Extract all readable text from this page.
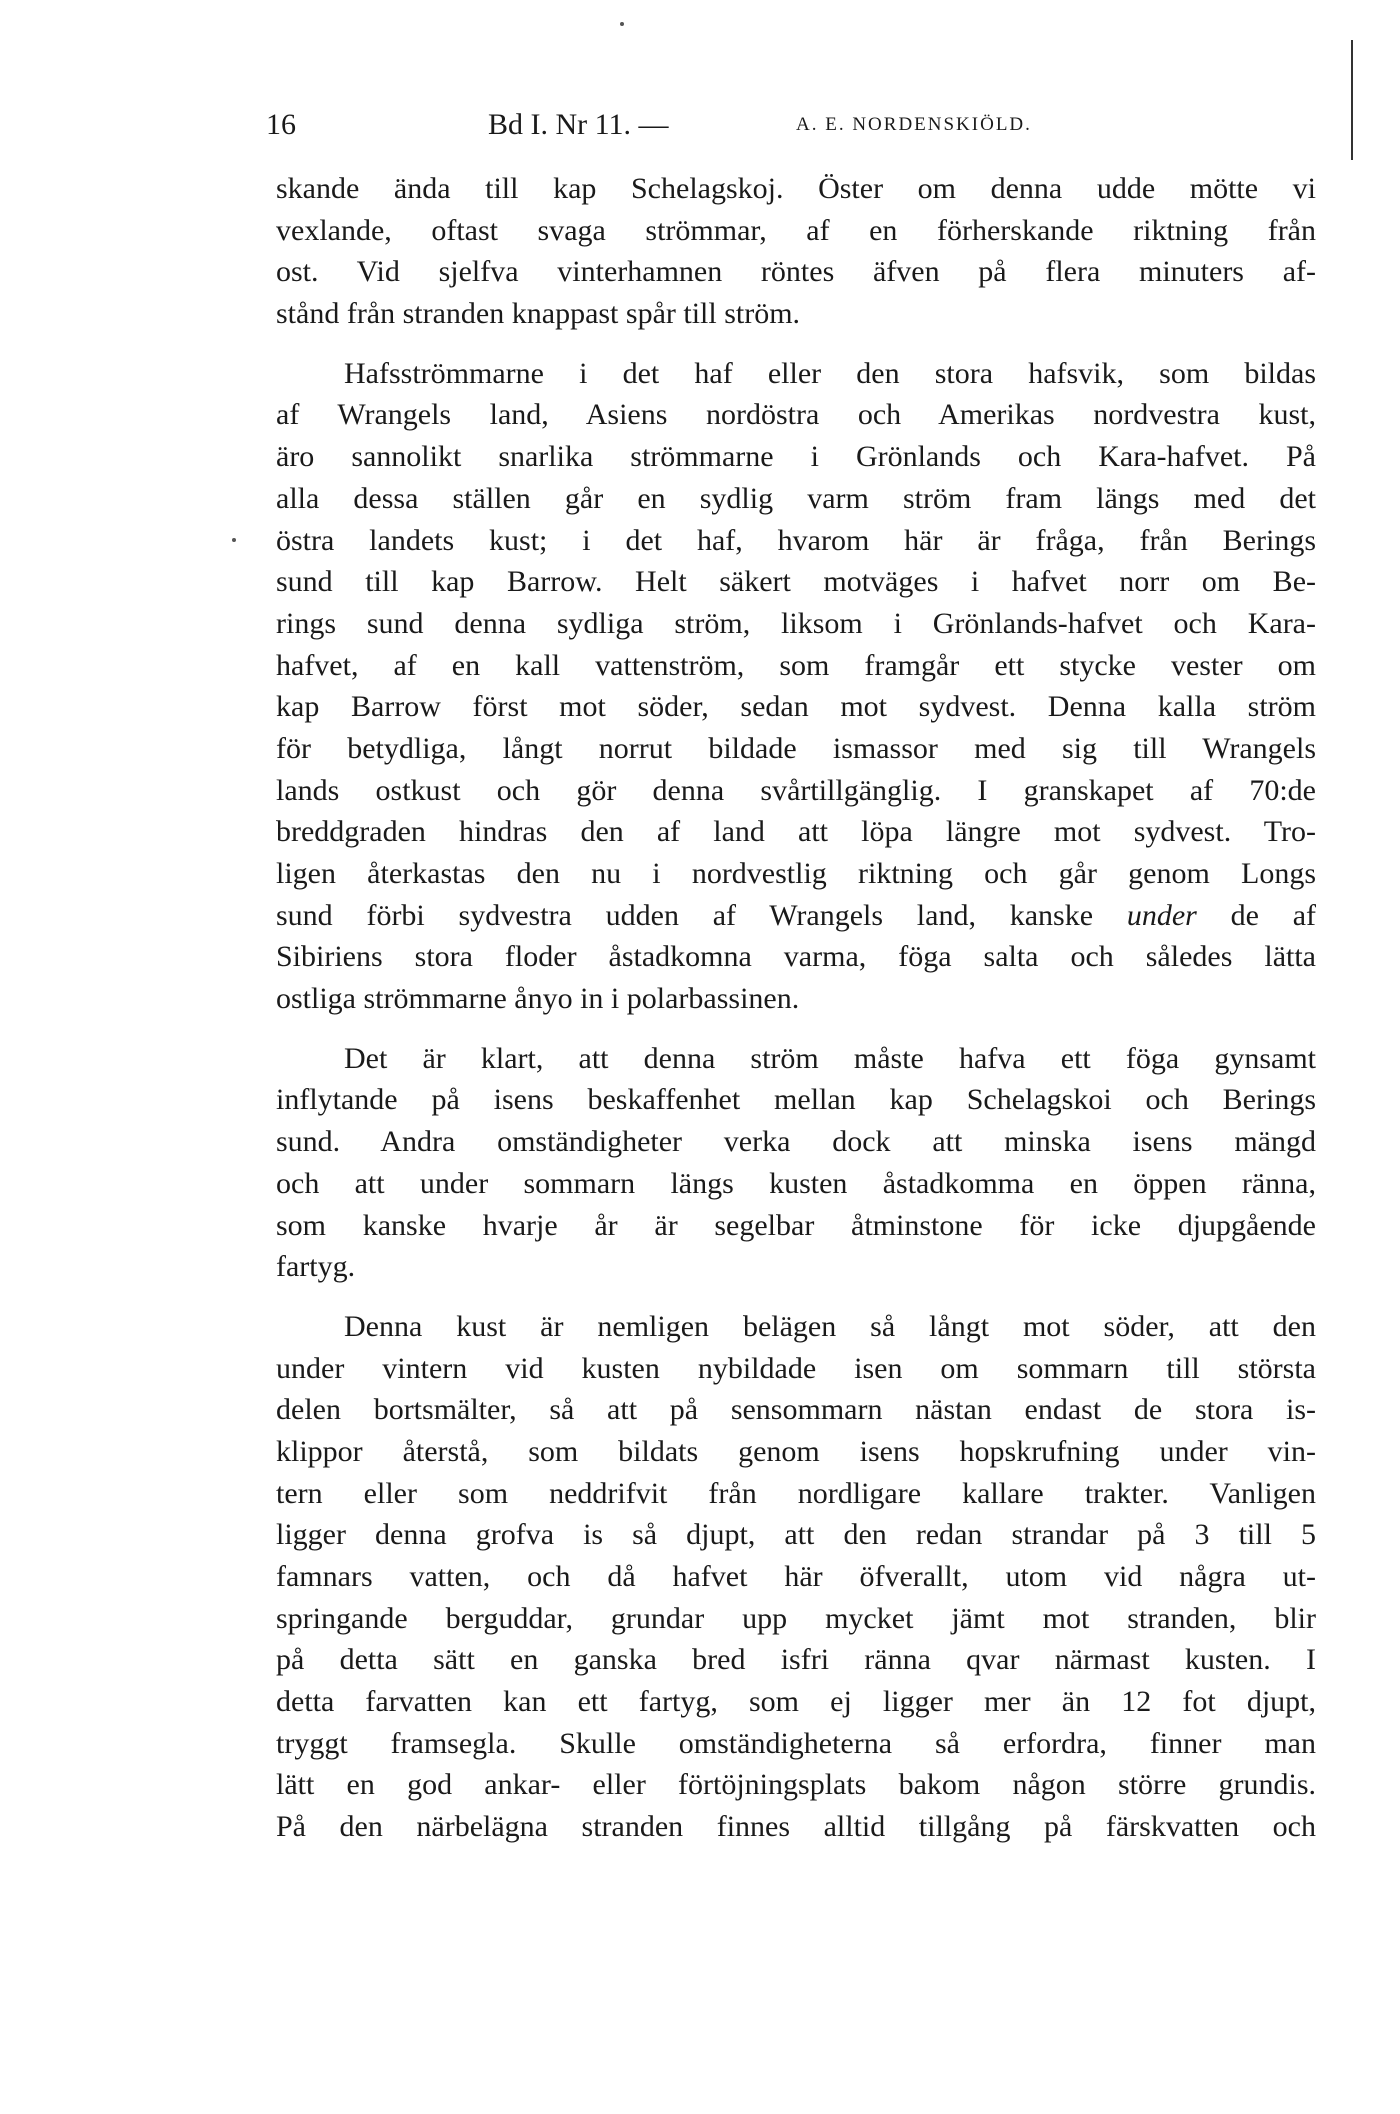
16	Bd I. Nr 11. —	A. E. NORDENSKIÖLD.
skande ända till kap Schelagskoj. Öster om denna udde mötte vi
vexlande, oftast svaga strömmar, af en förherskande riktning från
ost. Vid sjelfva vinterhamnen röntes äfven på flera minuters af-
stånd från stranden knappast spår till ström.
Hafsströmmarne i det haf eller den stora hafsvik, som bildas
af Wrangels land, Asiens nordöstra och Amerikas nordvestra kust,
äro sannolikt snarlika strömmarne i Grönlands och Kara-hafvet. På
alla dessa ställen går en sydlig varm ström fram längs med det
östra landets kust; i det haf, hvarom här är fråga, från Berings
sund till kap Barrow. Helt säkert motväges i hafvet norr om Be-
rings sund denna sydliga ström, liksom i Grönlands-hafvet och Kara-
hafvet, af en kall vattenström, som framgår ett stycke vester om
kap Barrow först mot söder, sedan mot sydvest. Denna kalla ström
för betydliga, långt norrut bildade ismassor med sig till Wrangels
lands ostkust och gör denna svårtillgänglig. I granskapet af 70:de
breddgraden hindras den af land att löpa längre mot sydvest. Tro-
ligen återkastas den nu i nordvestlig riktning och går genom Longs
sund förbi sydvestra udden af Wrangels land, kanske under de af
Sibiriens stora floder åstadkomna varma, föga salta och således lätta
ostliga strömmarne ånyo in i polarbassinen.
Det är klart, att denna ström måste hafva ett föga gynsamt
inflytande på isens beskaffenhet mellan kap Schelagskoi och Berings
sund. Andra omständigheter verka dock att minska isens mängd
och att under sommarn längs kusten åstadkomma en öppen ränna,
som kanske hvarje år är segelbar åtminstone för icke djupgående
fartyg.
Denna kust är nemligen belägen så långt mot söder, att den
under vintern vid kusten nybildade isen om sommarn till största
delen bortsmälter, så att på sensommarn nästan endast de stora is-
klippor återstå, som bildats genom isens hopskrufning under vin-
tern eller som neddrifvit från nordligare kallare trakter. Vanligen
ligger denna grofva is så djupt, att den redan strandar på 3 till 5
famnars vatten, och då hafvet här öfverallt, utom vid några ut-
springande berguddar, grundar upp mycket jämt mot stranden, blir
på detta sätt en ganska bred isfri ränna qvar närmast kusten. I
detta farvatten kan ett fartyg, som ej ligger mer än 12 fot djupt,
tryggt framsegla. Skulle omständigheterna så erfordra, finner man
lätt en god ankar- eller förtöjningsplats bakom någon större grundis.
På den närbelägna stranden finnes alltid tillgång på färskvatten och
